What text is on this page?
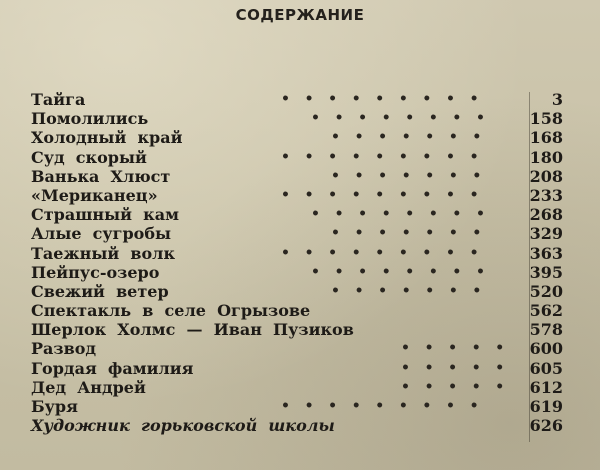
СОДЕРЖАНИЕ
Тайга	•   •   •   •   •   •   •   •   •	3
Помолились	•   •   •   •   •   •   •   •	158
Холодный  край	•   •   •   •   •   •   •	168
Суд  скорый	•   •   •   •   •   •   •   •   •	180
Ванька  Хлюст	•   •   •   •   •   •   •	208
«Мериканец»	•   •   •   •   •   •   •   •   •	233
Страшный  кам	•   •   •   •   •   •   •   •	268
Алые  сугробы	•   •   •   •   •   •   •	329
Таежный  волк	•   •   •   •   •   •   •   •   •	363
Пейпус-озеро	•   •   •   •   •   •   •   •	395
Свежий  ветер	•   •   •   •   •   •   •	520
Спектакль  в  селе  Огрызове	562
Шерлок  Холмс  —  Иван  Пузиков	578
Развод	•   •   •   •   •	600
Гордая  фамилия	•   •   •   •   •	605
Дед  Андрей	•   •   •   •   •	612
Буря	•   •   •   •   •   •   •   •   •	619
Художник  горьковской  школы	626
